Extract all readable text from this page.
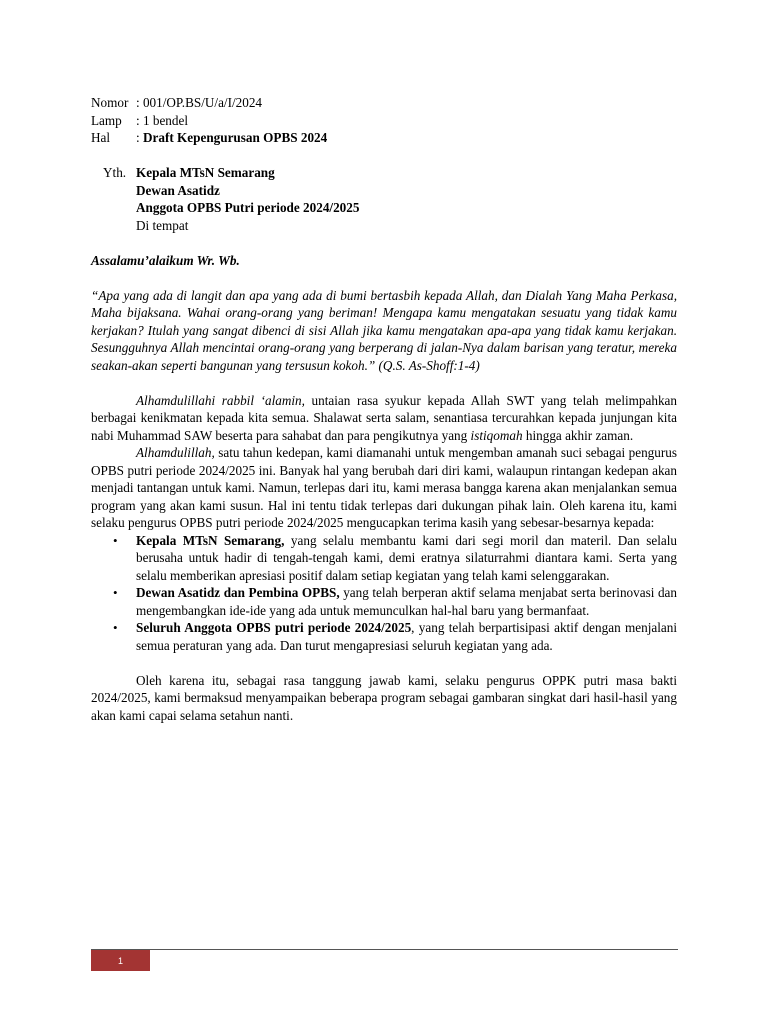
Nomor : 001/OP.BS/U/a/I/2024
Lamp	: 1 bendel
Hal	: Draft Kepengurusan OPBS 2024
Yth. Kepala MTsN Semarang
Dewan Asatidz
Anggota OPBS Putri periode 2024/2025
Di tempat
Assalamu’alaikum Wr. Wb.
“Apa yang ada di langit dan apa yang ada di bumi bertasbih kepada Allah, dan Dialah Yang Maha Perkasa, Maha bijaksana. Wahai orang-orang yang beriman! Mengapa kamu mengatakan sesuatu yang tidak kamu kerjakan? Itulah yang sangat dibenci di sisi Allah jika kamu mengatakan apa-apa yang tidak kamu kerjakan. Sesungguhnya Allah mencintai orang-orang yang berperang di jalan-Nya dalam barisan yang teratur, mereka seakan-akan seperti bangunan yang tersusun kokoh.” (Q.S. As-Shoff:1-4)
Alhamdulillahi rabbil ‘alamin, untaian rasa syukur kepada Allah SWT yang telah melimpahkan berbagai kenikmatan kepada kita semua. Shalawat serta salam, senantiasa tercurahkan kepada junjungan kita nabi Muhammad SAW beserta para sahabat dan para pengikutnya yang istiqomah hingga akhir zaman.
Alhamdulillah, satu tahun kedepan, kami diamanahi untuk mengemban amanah suci sebagai pengurus OPBS putri periode 2024/2025 ini. Banyak hal yang berubah dari diri kami, walaupun rintangan kedepan akan menjadi tantangan untuk kami. Namun, terlepas dari itu, kami merasa bangga karena akan menjalankan semua program yang akan kami susun. Hal ini tentu tidak terlepas dari dukungan pihak lain. Oleh karena itu, kami selaku pengurus OPBS putri periode 2024/2025 mengucapkan terima kasih yang sebesar-besarnya kepada:
• Kepala MTsN Semarang, yang selalu membantu kami dari segi moril dan materil. Dan selalu berusaha untuk hadir di tengah-tengah kami, demi eratnya silaturrahmi diantara kami. Serta yang selalu memberikan apresiasi positif dalam setiap kegiatan yang telah kami selenggarakan.
• Dewan Asatidz dan Pembina OPBS, yang telah berperan aktif selama menjabat serta berinovasi dan mengembangkan ide-ide yang ada untuk memunculkan hal-hal baru yang bermanfaat.
• Seluruh Anggota OPBS putri periode 2024/2025, yang telah berpartisipasi aktif dengan menjalani semua peraturan yang ada. Dan turut mengapresiasi seluruh kegiatan yang ada.
Oleh karena itu, sebagai rasa tanggung jawab kami, selaku pengurus OPPK putri masa bakti 2024/2025, kami bermaksud menyampaikan beberapa program sebagai gambaran singkat dari hasil-hasil yang akan kami capai selama setahun nanti.
1
